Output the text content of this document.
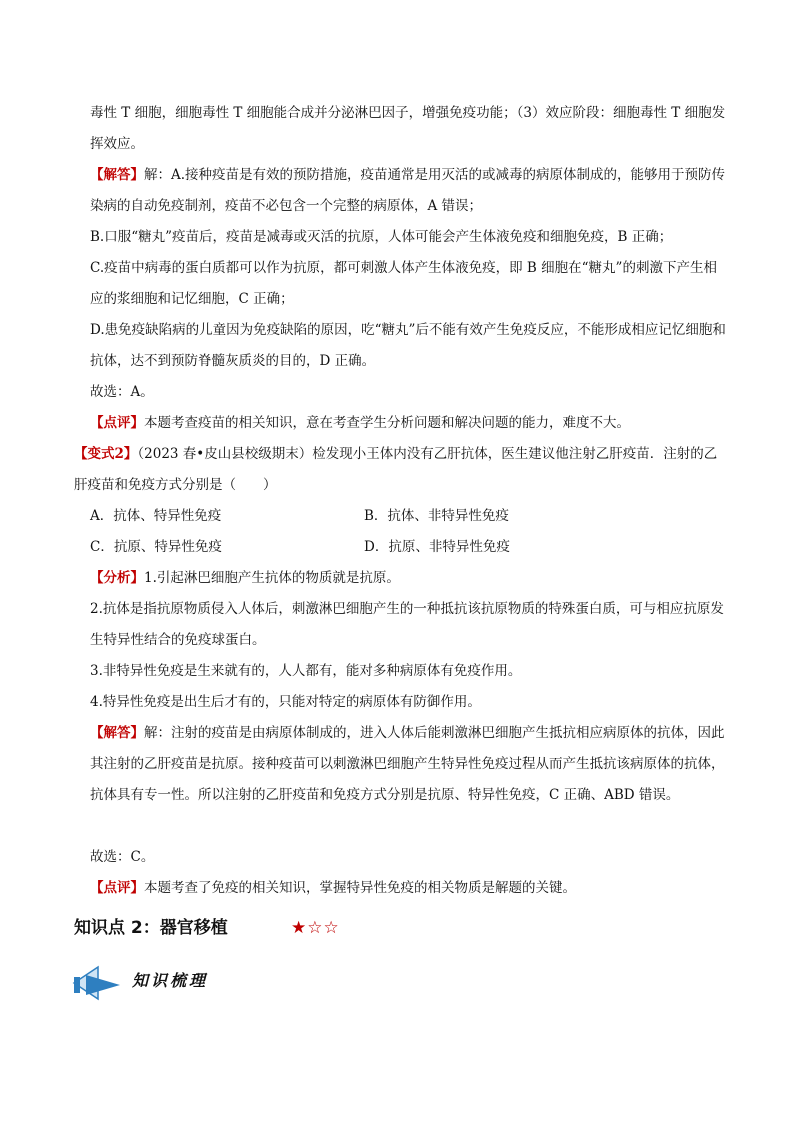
毒性 T 细胞，细胞毒性 T 细胞能合成并分泌淋巴因子，增强免疫功能；（3）效应阶段：细胞毒性 T 细胞发挥效应。
【解答】解：A.接种疫苗是有效的预防措施，疫苗通常是用灭活的或减毒的病原体制成的，能够用于预防传染病的自动免疫制剂，疫苗不必包含一个完整的病原体，A 错误；
B.口服“糖丸”疫苗后，疫苗是减毒或灭活的抗原，人体可能会产生体液免疫和细胞免疫，B 正确；
C.疫苗中病毒的蛋白质都可以作为抗原，都可刺激人体产生体液免疫，即 B 细胞在“糖丸”的刺激下产生相应的浆细胞和记忆细胞，C 正确；
D.患免疫缺陷病的儿童因为免疫缺陷的原因，吃“糖丸”后不能有效产生免疫反应，不能形成相应记忆细胞和抗体，达不到预防脊髓灰质炎的目的，D 正确。
故选：A。
【点评】本题考查疫苗的相关知识，意在考查学生分析问题和解决问题的能力，难度不大。
【变式2】（2023 春•皮山县校级期末）检发现小王体内没有乙肝抗体，医生建议他注射乙肝疫苗．注射的乙肝疫苗和免疫方式分别是（　　）
A．抗体、特异性免疫	B．抗体、非特异性免疫
C．抗原、特异性免疫	D．抗原、非特异性免疫
【分析】1.引起淋巴细胞产生抗体的物质就是抗原。
2.抗体是指抗原物质侵入人体后，刺激淋巴细胞产生的一种抵抗该抗原物质的特殊蛋白质，可与相应抗原发生特异性结合的免疫球蛋白。
3.非特异性免疫是生来就有的，人人都有，能对多种病原体有免疫作用。
4.特异性免疫是出生后才有的，只能对特定的病原体有防御作用。
【解答】解：注射的疫苗是由病原体制成的，进入人体后能刺激淋巴细胞产生抵抗相应病原体的抗体，因此其注射的乙肝疫苗是抗原。接种疫苗可以刺激淋巴细胞产生特异性免疫过程从而产生抵抗该病原体的抗体，抗体具有专一性。所以注射的乙肝疫苗和免疫方式分别是抗原、特异性免疫，C 正确、ABD 错误。
故选：C。
【点评】本题考查了免疫的相关知识，掌握特异性免疫的相关物质是解题的关键。
知识点 2：器官移植	★☆☆
知识梳理
